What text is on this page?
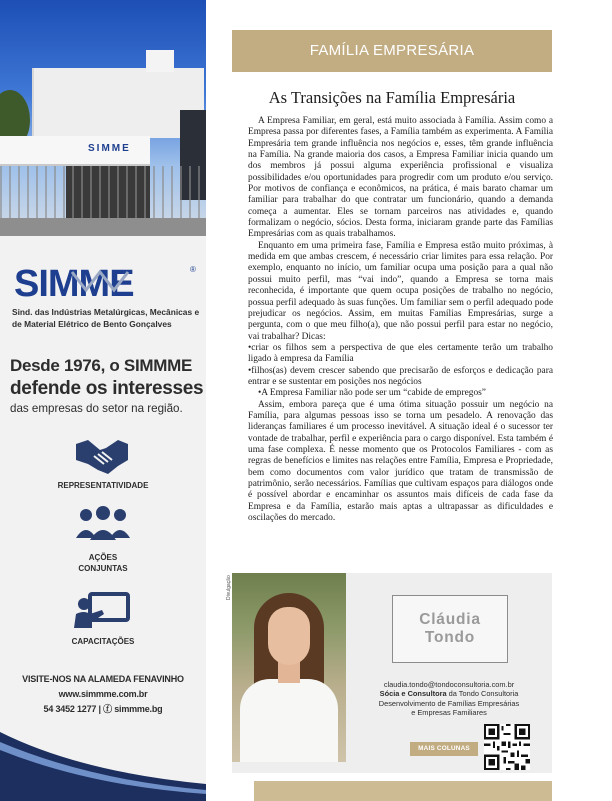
SIMME
SIMME	®
Sind. das Indústrias Metalúrgicas, Mecânicas e
de Material Elétrico de Bento Gonçalves
Desde 1976, o SIMMME
defende os interesses
das empresas do setor na região.
REPRESENTATIVIDADE
AÇÕES
CONJUNTAS
CAPACITAÇÕES
VISITE-NOS NA ALAMEDA FENAVINHO
www.simmme.com.br
54 3452 1277 | ⓕ simmme.bg
FAMÍLIA EMPRESÁRIA
As Transições na Família Empresária

A Empresa Familiar, em geral, está muito associada à Família. Assim como a Empresa passa por diferentes fases, a Família também as experimenta. A Família Empresária tem grande influência nos negócios e, esses, têm grande influência na Família. Na grande maioria dos casos, a Empresa Familiar inicia quando um dos membros já possui alguma experiência profissional e visualiza possibilidades e/ou oportunidades para progredir com um produto e/ou serviço. Por motivos de confiança e econômicos, na prática, é mais barato chamar um familiar para trabalhar do que contratar um funcionário, quando a demanda começa a aumentar. Eles se tornam parceiros nas atividades e, quando formalizam o negócio, sócios. Desta forma, iniciaram grande parte das Famílias Empresárias com as quais trabalhamos.

Enquanto em uma primeira fase, Família e Empresa estão muito próximas, à medida em que ambas crescem, é necessário criar limites para essa relação. Por exemplo, enquanto no início, um familiar ocupa uma posição para a qual não possui muito perfil, mas “vai indo”, quando a Empresa se torna mais reconhecida, é importante que quem ocupa posições de trabalho no negócio, possua perfil adequado às suas funções. Um familiar sem o perfil adequado pode prejudicar os negócios. Assim, em muitas Famílias Empresárias, surge a pergunta, com o que meu filho(a), que não possui perfil para estar no negócio, vai trabalhar? Dicas:

•criar os filhos sem a perspectiva de que eles certamente terão um trabalho ligado à empresa da Família

•filhos(as) devem crescer sabendo que precisarão de esforços e dedicação para entrar e se sustentar em posições nos negócios

•A Empresa Familiar não pode ser um “cabide de empregos”

Assim, embora pareça que é uma ótima situação possuir um negócio na Família, para algumas pessoas isso se torna um pesadelo. A renovação das lideranças familiares é um processo inevitável. A situação ideal é o sucessor ter vontade de trabalhar, perfil e experiência para o cargo disponível. Esta também é uma fase complexa. É nesse momento que os Protocolos Familiares - com as regras de benefícios e limites nas relações entre Família, Empresa e Propriedade, bem como documentos com valor jurídico que tratam de transmissão de patrimônio, serão necessários. Famílias que cultivam espaços para diálogos onde é possível abordar e encaminhar os assuntos mais difíceis de cada fase da Empresa e da Família, estarão mais aptas a ultrapassar as dificuldades e oscilações do mercado.

Divulgação
Cláudia
Tondo
claudia.tondo@tondoconsultoria.com.br
Sócia e Consultora da Tondo Consultoria
Desenvolvimento de Famílias Empresárias
e Empresas Familiares
MAIS COLUNAS
